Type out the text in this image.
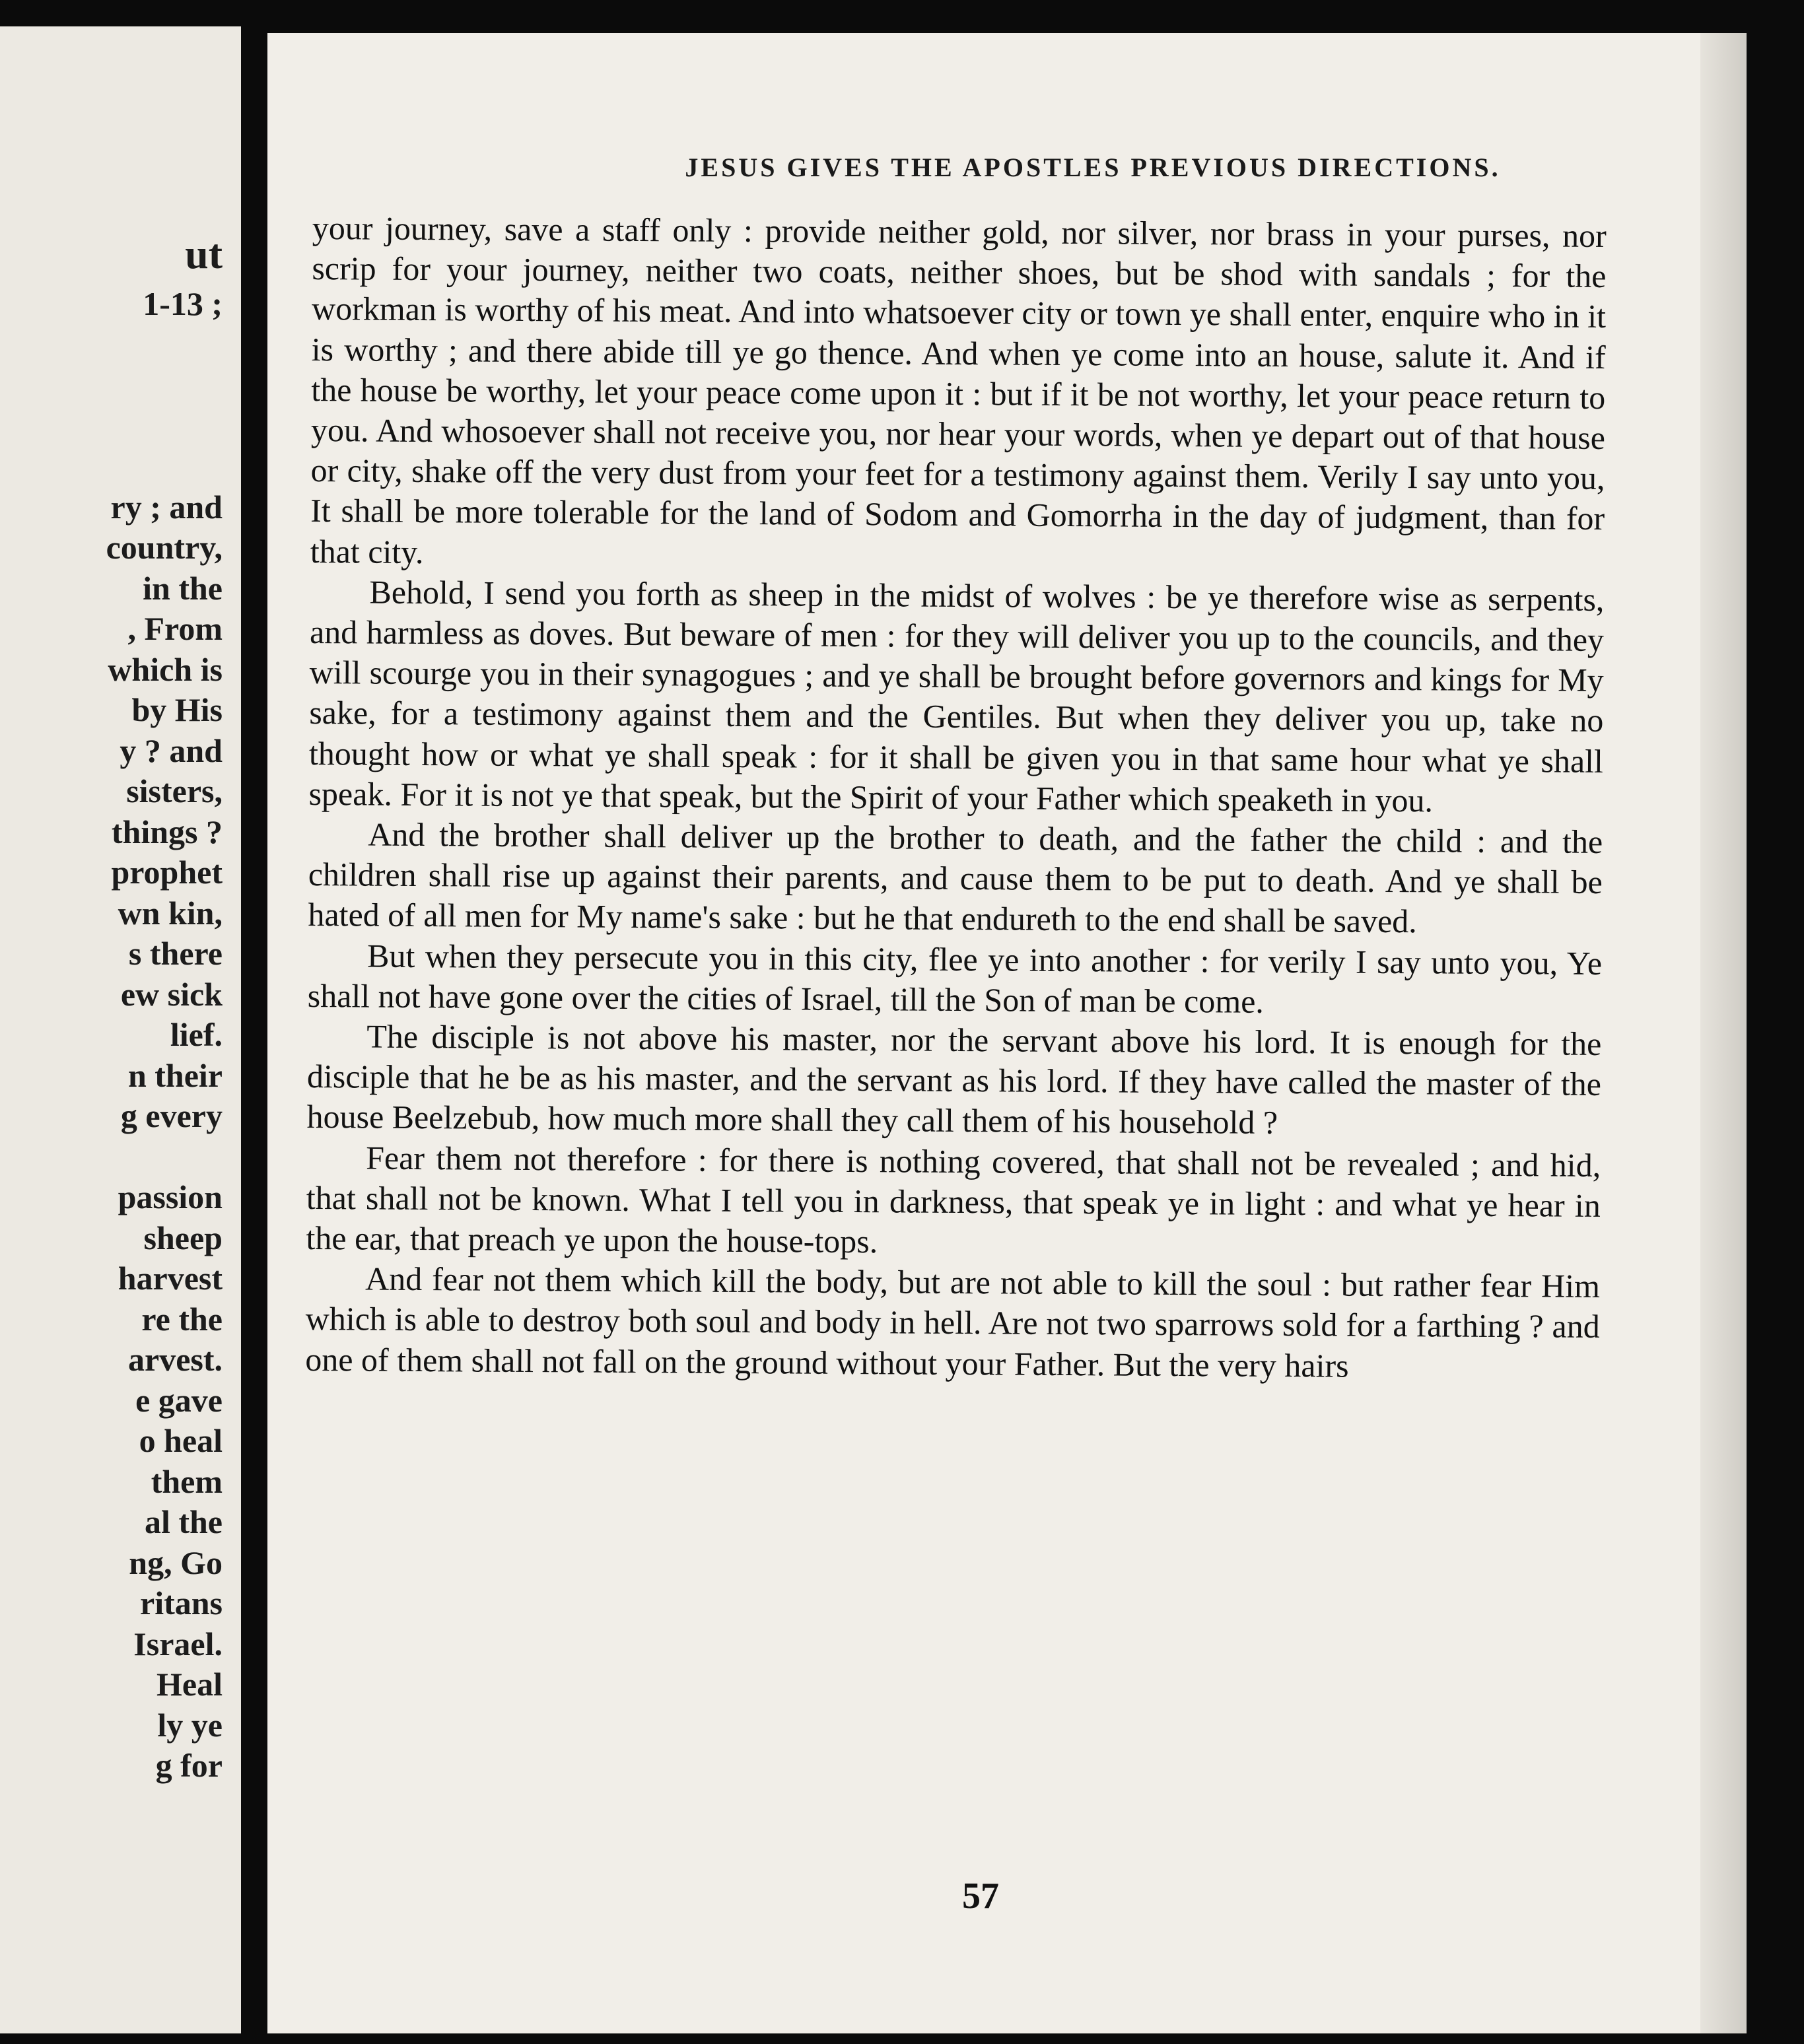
ut
1-13 ;

ry ; and
country,
in the
, From
which is
by His
y ? and
sisters,
things ?
prophet
wn kin,
s there
ew sick
lief.
n their
g every

passion
sheep
harvest
re the
arvest.
e gave
o heal
them
al the
ng, Go
ritans
Israel.
Heal
ly ye
g for
JESUS GIVES THE APOSTLES PREVIOUS DIRECTIONS.

your journey, save a staff only : provide neither gold, nor silver, nor brass in your purses, nor scrip for your journey, neither two coats, neither shoes, but be shod with sandals ; for the workman is worthy of his meat. And into whatsoever city or town ye shall enter, enquire who in it is worthy ; and there abide till ye go thence. And when ye come into an house, salute it. And if the house be worthy, let your peace come upon it : but if it be not worthy, let your peace return to you. And whosoever shall not receive you, nor hear your words, when ye depart out of that house or city, shake off the very dust from your feet for a testimony against them. Verily I say unto you, It shall be more tolerable for the land of Sodom and Gomorrha in the day of judgment, than for that city.

Behold, I send you forth as sheep in the midst of wolves : be ye therefore wise as serpents, and harmless as doves. But beware of men : for they will deliver you up to the councils, and they will scourge you in their synagogues ; and ye shall be brought before governors and kings for My sake, for a testimony against them and the Gentiles. But when they deliver you up, take no thought how or what ye shall speak : for it shall be given you in that same hour what ye shall speak. For it is not ye that speak, but the Spirit of your Father which speaketh in you.

And the brother shall deliver up the brother to death, and the father the child : and the children shall rise up against their parents, and cause them to be put to death. And ye shall be hated of all men for My name's sake : but he that endureth to the end shall be saved.

But when they persecute you in this city, flee ye into another : for verily I say unto you, Ye shall not have gone over the cities of Israel, till the Son of man be come.

The disciple is not above his master, nor the servant above his lord. It is enough for the disciple that he be as his master, and the servant as his lord. If they have called the master of the house Beelzebub, how much more shall they call them of his household ?

Fear them not therefore : for there is nothing covered, that shall not be revealed ; and hid, that shall not be known. What I tell you in darkness, that speak ye in light : and what ye hear in the ear, that preach ye upon the house-tops.

And fear not them which kill the body, but are not able to kill the soul : but rather fear Him which is able to destroy both soul and body in hell. Are not two sparrows sold for a farthing ? and one of them shall not fall on the ground without your Father. But the very hairs

57
